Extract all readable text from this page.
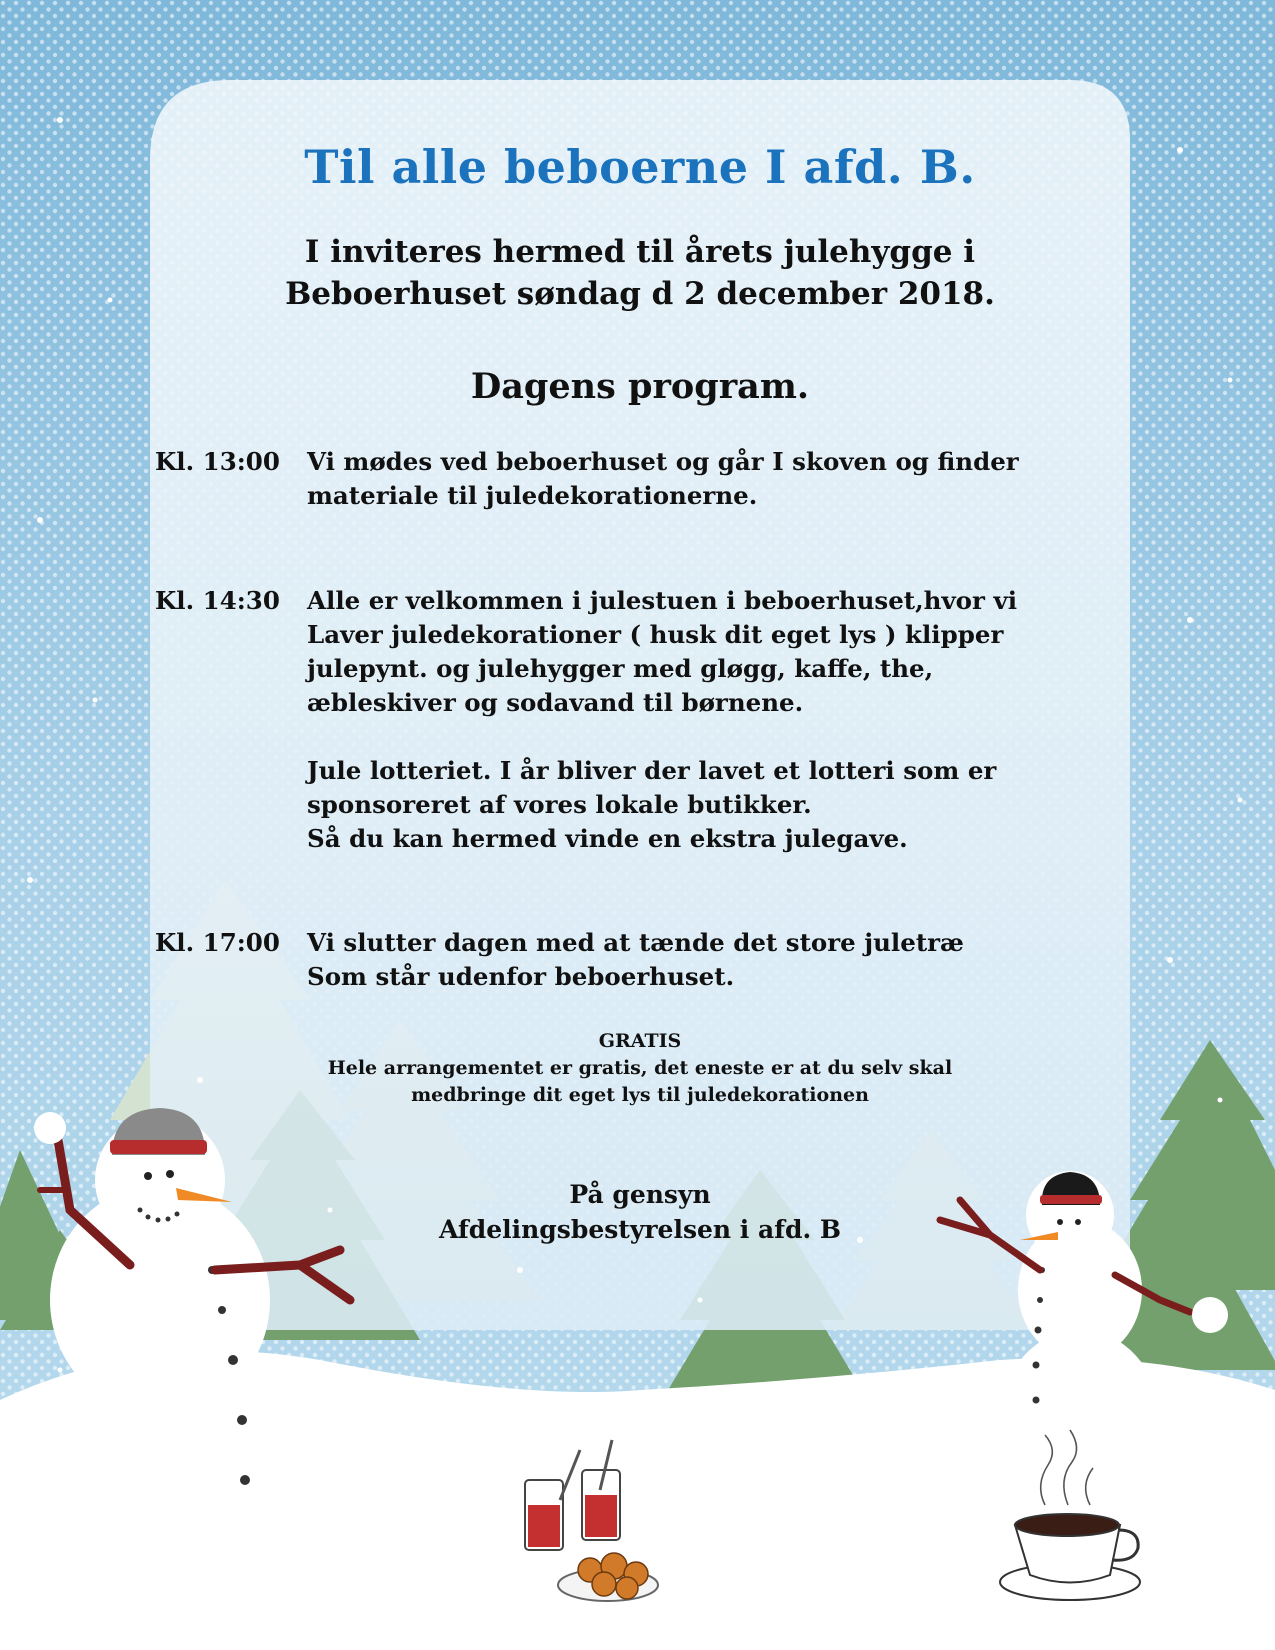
Til alle beboerne I afd. B.
I inviteres hermed til årets julehygge i
Beboerhuset søndag d 2 december 2018.
Dagens program.
Kl. 13:00 Vi mødes ved beboerhuset og går I skoven og finder
materiale til juledekorationerne.
Kl. 14:30 Alle er velkommen i julestuen i beboerhuset,hvor vi
Laver juledekorationer ( husk dit eget lys ) klipper
julepynt. og julehygger med gløgg, kaffe, the,
æbleskiver og sodavand til børnene.
Jule lotteriet. I år bliver der lavet et lotteri som er
sponsoreret af vores lokale butikker.
Så du kan hermed vinde en ekstra julegave.
Kl. 17:00 Vi slutter dagen med at tænde det store juletræ
Som står udenfor beboerhuset.
GRATIS
Hele arrangementet er gratis, det eneste er at du selv skal
medbringe dit eget lys til juledekorationen
På gensyn
Afdelingsbestyrelsen i afd. B
